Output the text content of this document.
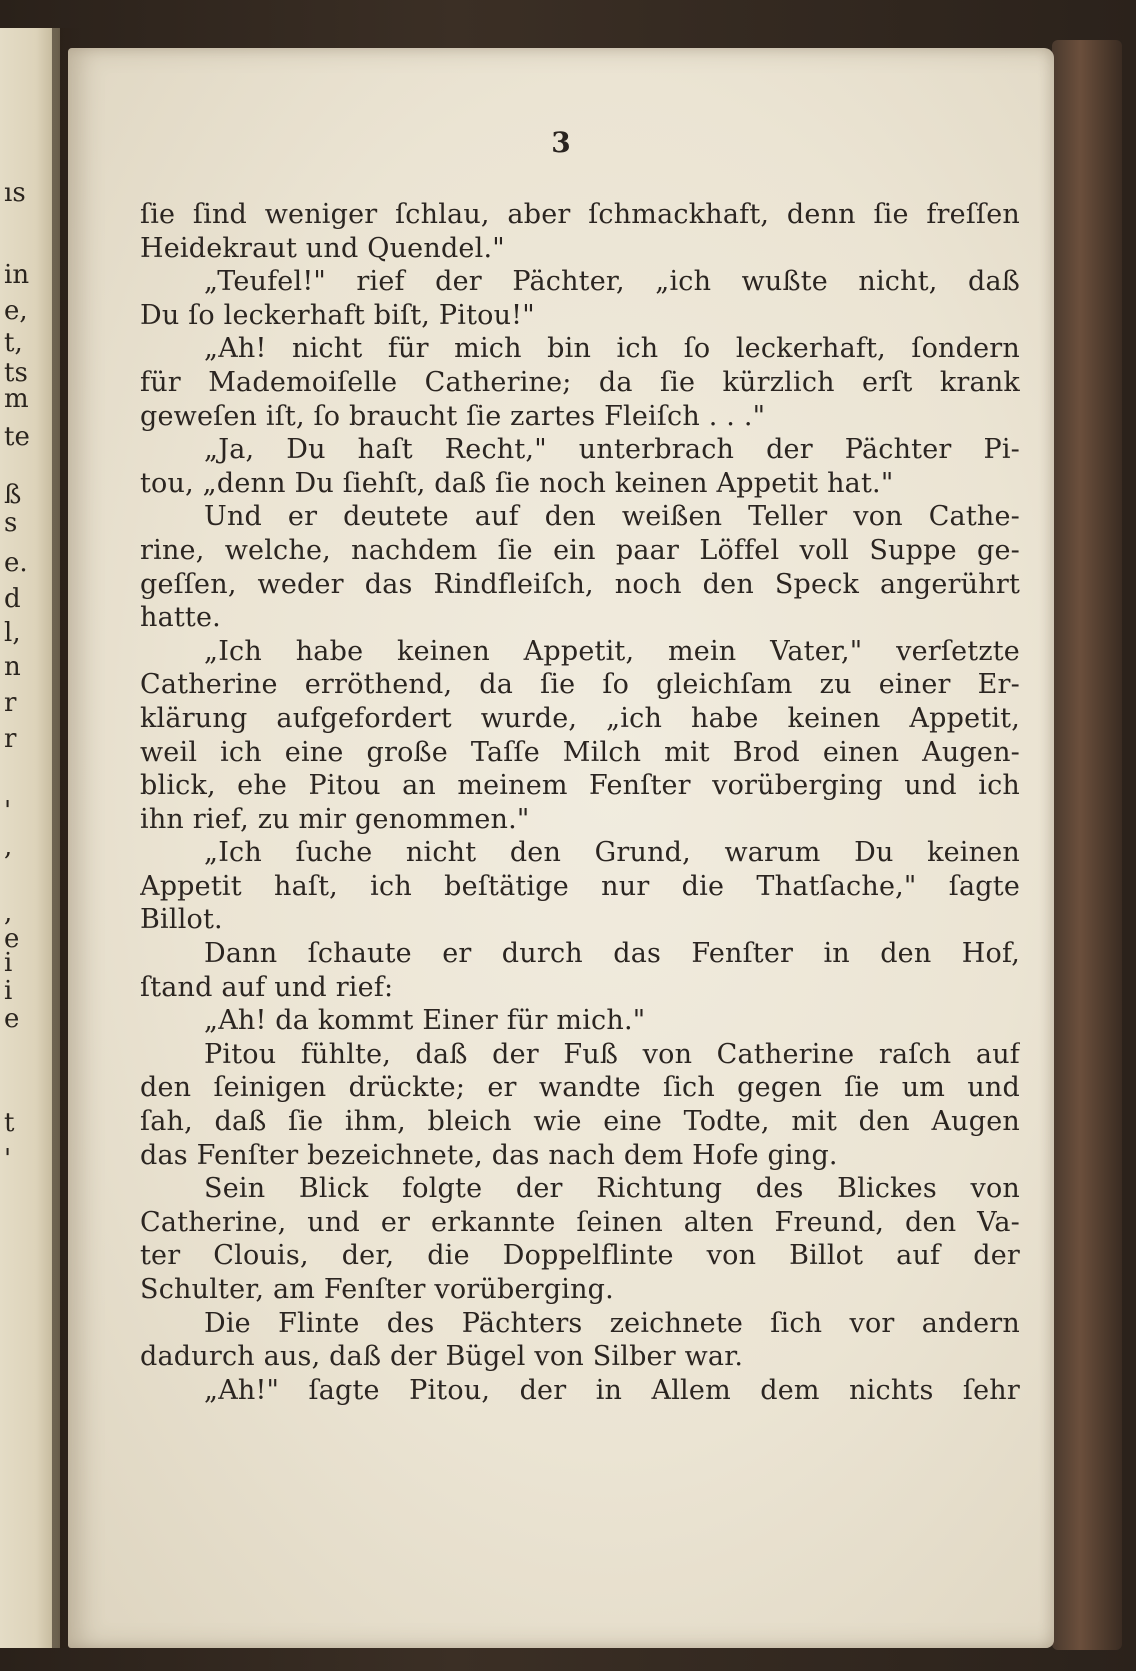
ıs
in
e,
t,
ts
m
te
ß
s
e.
d
l,
n
r
r
'
,
,
e
i
i
e
t
'
3
ſie ſind weniger ſchlau, aber ſchmackhaft, denn ſie freſſen
Heidekraut und Quendel."
„Teufel!" rief der Pächter, „ich wußte nicht, daß
Du ſo leckerhaft biſt, Pitou!"
„Ah! nicht für mich bin ich ſo leckerhaft, ſondern
für Mademoiſelle Catherine; da ſie kürzlich erſt krank
geweſen iſt, ſo braucht ſie zartes Fleiſch . . ."
„Ja, Du haſt Recht," unterbrach der Pächter Pi-
tou, „denn Du ſiehſt, daß ſie noch keinen Appetit hat."
Und er deutete auf den weißen Teller von Cathe-
rine, welche, nachdem ſie ein paar Löffel voll Suppe ge-
geſſen, weder das Rindfleiſch, noch den Speck angerührt
hatte.
„Ich habe keinen Appetit, mein Vater," verſetzte
Catherine erröthend, da ſie ſo gleichſam zu einer Er-
klärung aufgefordert wurde, „ich habe keinen Appetit,
weil ich eine große Taſſe Milch mit Brod einen Augen-
blick, ehe Pitou an meinem Fenſter vorüberging und ich
ihn rief, zu mir genommen."
„Ich ſuche nicht den Grund, warum Du keinen
Appetit haſt, ich beſtätige nur die Thatſache," ſagte
Billot.
Dann ſchaute er durch das Fenſter in den Hof,
ſtand auf und rief:
„Ah! da kommt Einer für mich."
Pitou fühlte, daß der Fuß von Catherine raſch auf
den ſeinigen drückte; er wandte ſich gegen ſie um und
ſah, daß ſie ihm, bleich wie eine Todte, mit den Augen
das Fenſter bezeichnete, das nach dem Hofe ging.
Sein Blick folgte der Richtung des Blickes von
Catherine, und er erkannte ſeinen alten Freund, den Va-
ter Clouis, der, die Doppelflinte von Billot auf der
Schulter, am Fenſter vorüberging.
Die Flinte des Pächters zeichnete ſich vor andern
dadurch aus, daß der Bügel von Silber war.
„Ah!" ſagte Pitou, der in Allem dem nichts ſehr
